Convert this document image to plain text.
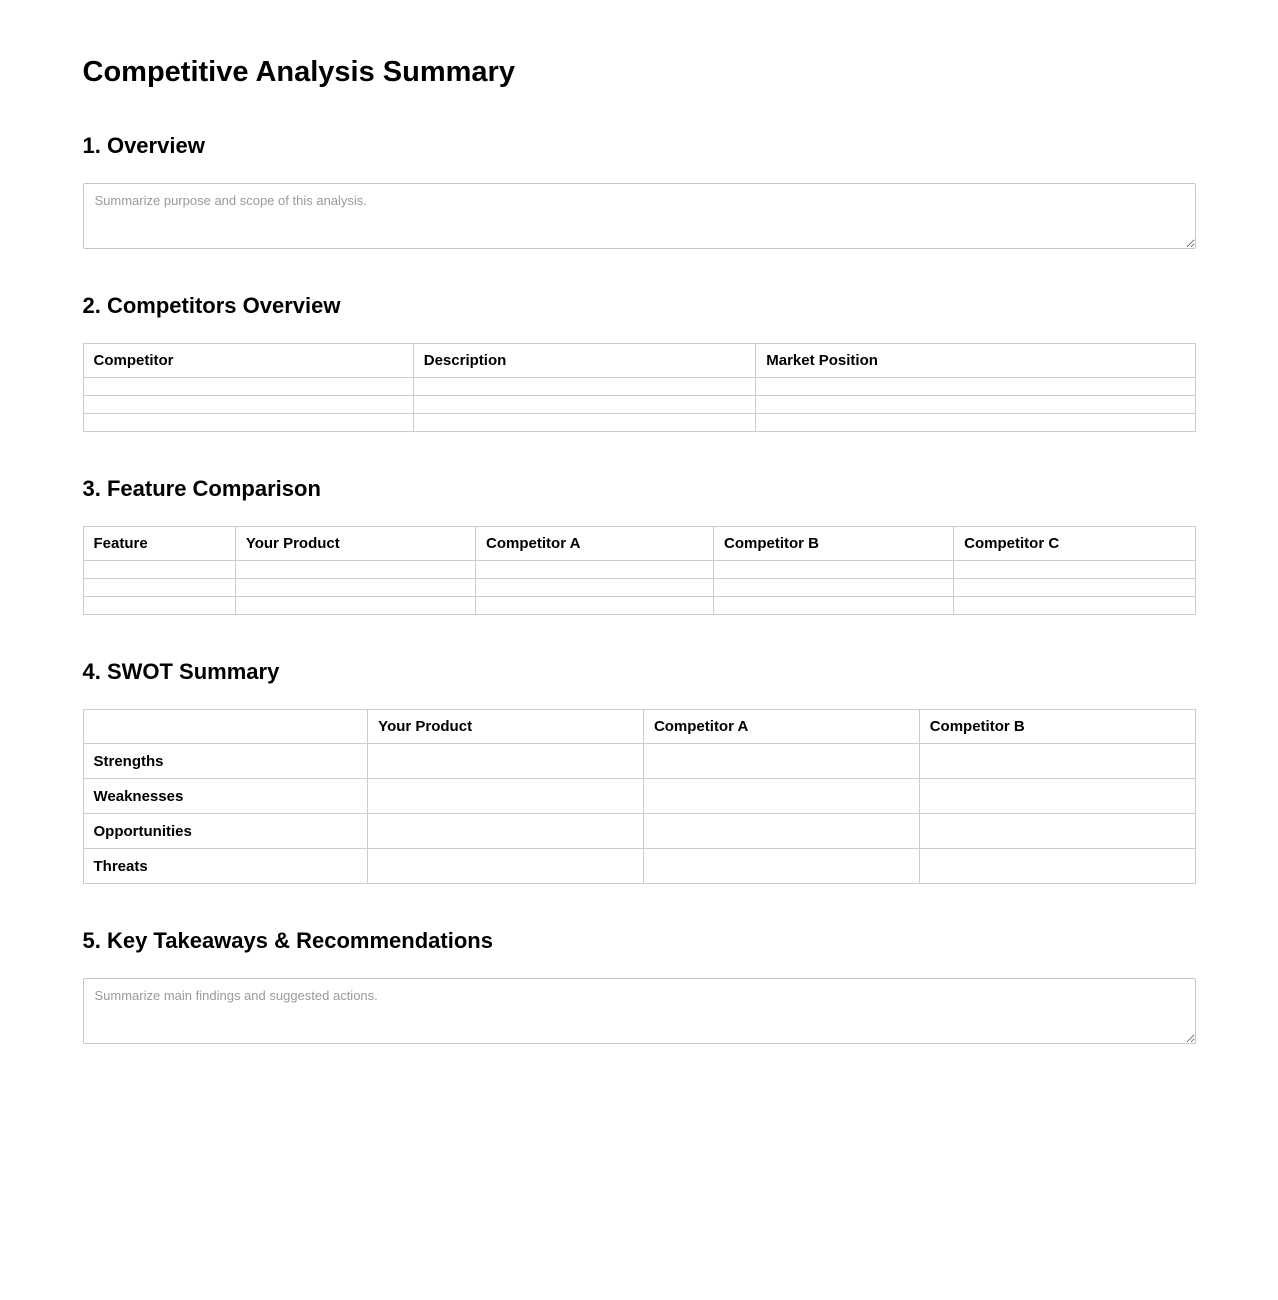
Competitive Analysis Summary
1. Overview
Summarize purpose and scope of this analysis.
2. Competitors Overview
Competitor	Description	Market Position

3. Feature Comparison
Feature	Your Product	Competitor A	Competitor B	Competitor C

4. SWOT Summary
	Your Product	Competitor A	Competitor B
Strengths			
Weaknesses			
Opportunities			
Threats			
5. Key Takeaways & Recommendations
Summarize main findings and suggested actions.
